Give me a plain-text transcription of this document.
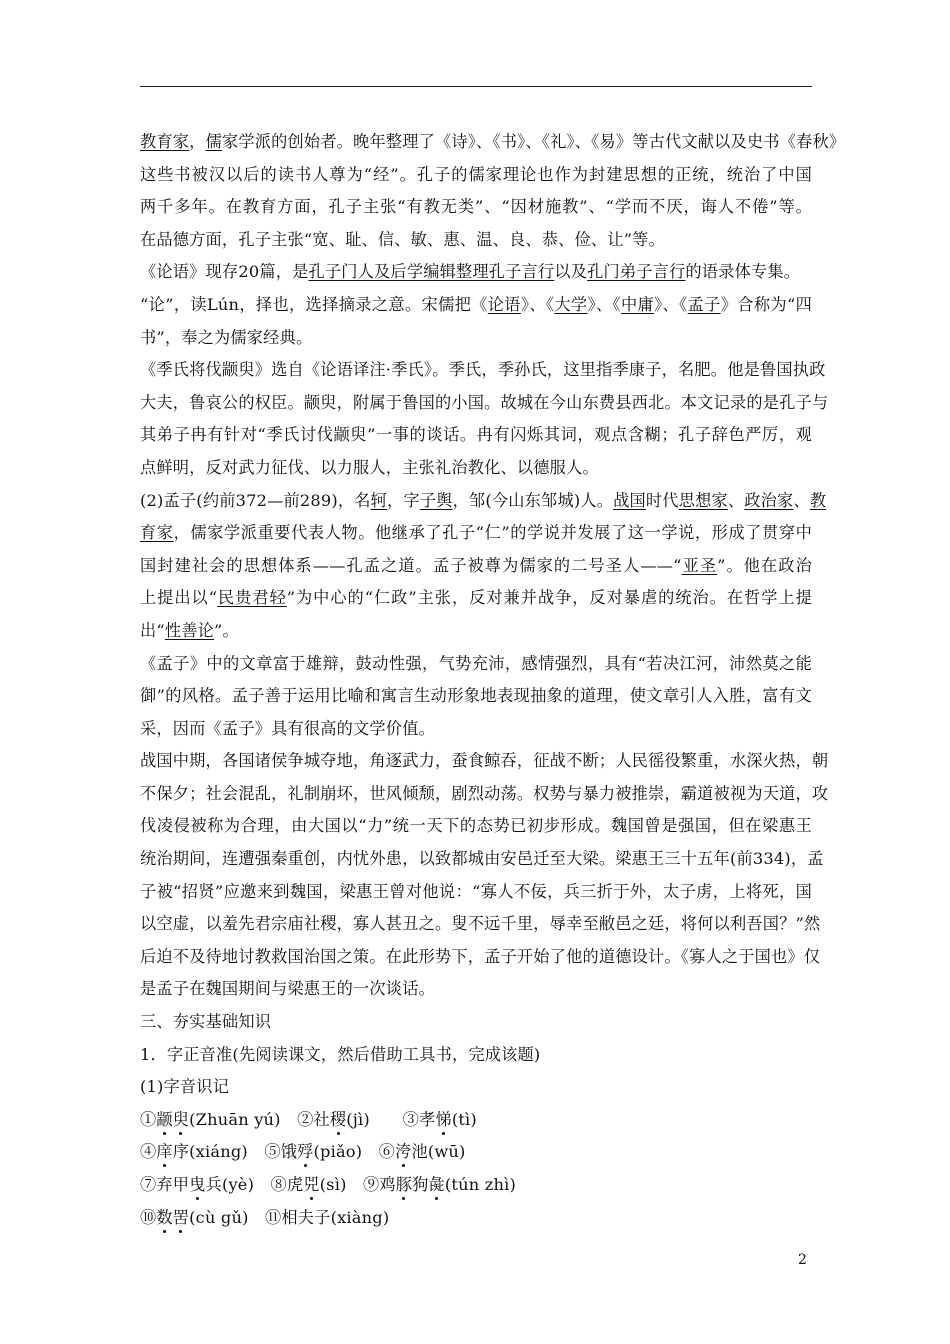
教育家，儒家学派的创始者。晚年整理了《诗》、《书》、《礼》、《易》等古代文献以及史书《春秋》
这些书被汉以后的读书人尊为“经”。孔子的儒家理论也作为封建思想的正统，统治了中国
两千多年。在教育方面，孔子主张“有教无类”、“因材施教”、“学而不厌，诲人不倦”等。
在品德方面，孔子主张“宽、耻、信、敏、惠、温、良、恭、俭、让”等。
《论语》现存20篇，是孔子门人及后学编辑整理孔子言行以及孔门弟子言行的语录体专集。
“论”，读Lún，择也，选择摘录之意。宋儒把《论语》、《大学》、《中庸》、《孟子》合称为“四
书”，奉之为儒家经典。
《季氏将伐颛臾》选自《论语译注·季氏》。季氏，季孙氏，这里指季康子，名肥。他是鲁国执政
大夫，鲁哀公的权臣。颛臾，附属于鲁国的小国。故城在今山东费县西北。本文记录的是孔子与
其弟子冉有针对“季氏讨伐颛臾”一事的谈话。冉有闪烁其词，观点含糊；孔子辞色严厉，观
点鲜明，反对武力征伐、以力服人，主张礼治教化、以德服人。
(2)孟子(约前372—前289)，名轲，字子舆，邹(今山东邹城)人。战国时代思想家、政治家、教
育家，儒家学派重要代表人物。他继承了孔子“仁”的学说并发展了这一学说，形成了贯穿中
国封建社会的思想体系——孔孟之道。孟子被尊为儒家的二号圣人——“亚圣”。他在政治
上提出以“民贵君轻”为中心的“仁政”主张，反对兼并战争，反对暴虐的统治。在哲学上提
出“性善论”。
《孟子》中的文章富于雄辩，鼓动性强，气势充沛，感情强烈，具有“若决江河，沛然莫之能
御”的风格。孟子善于运用比喻和寓言生动形象地表现抽象的道理，使文章引人入胜，富有文
采，因而《孟子》具有很高的文学价值。
战国中期，各国诸侯争城夺地，角逐武力，蚕食鲸吞，征战不断；人民徭役繁重，水深火热，朝
不保夕；社会混乱，礼制崩坏，世风倾颓，剧烈动荡。权势与暴力被推崇，霸道被视为天道，攻
伐凌侵被称为合理，由大国以“力”统一天下的态势已初步形成。魏国曾是强国，但在梁惠王
统治期间，连遭强秦重创，内忧外患，以致都城由安邑迁至大梁。梁惠王三十五年(前334)，孟
子被“招贤”应邀来到魏国，梁惠王曾对他说：“寡人不佞，兵三折于外，太子虏，上将死，国
以空虚，以羞先君宗庙社稷，寡人甚丑之。叟不远千里，辱幸至敝邑之廷，将何以利吾国？”然
后迫不及待地讨教救国治国之策。在此形势下，孟子开始了他的道德设计。《寡人之于国也》仅
是孟子在魏国期间与梁惠王的一次谈话。
三、夯实基础知识
1．字正音准(先阅读课文，然后借助工具书，完成该题)
(1)字音识记
①颛臾(Zhuān yú)　②社稷(jì)　　③孝悌(tì)
④庠序(xiáng)　⑤饿殍(piǎo)　⑥洿池(wū)
⑦弃甲曳兵(yè)　⑧虎兕(sì)　⑨鸡豚狗彘(tún zhì)
⑩数罟(cù gǔ)　⑪相夫子(xiàng)
2
